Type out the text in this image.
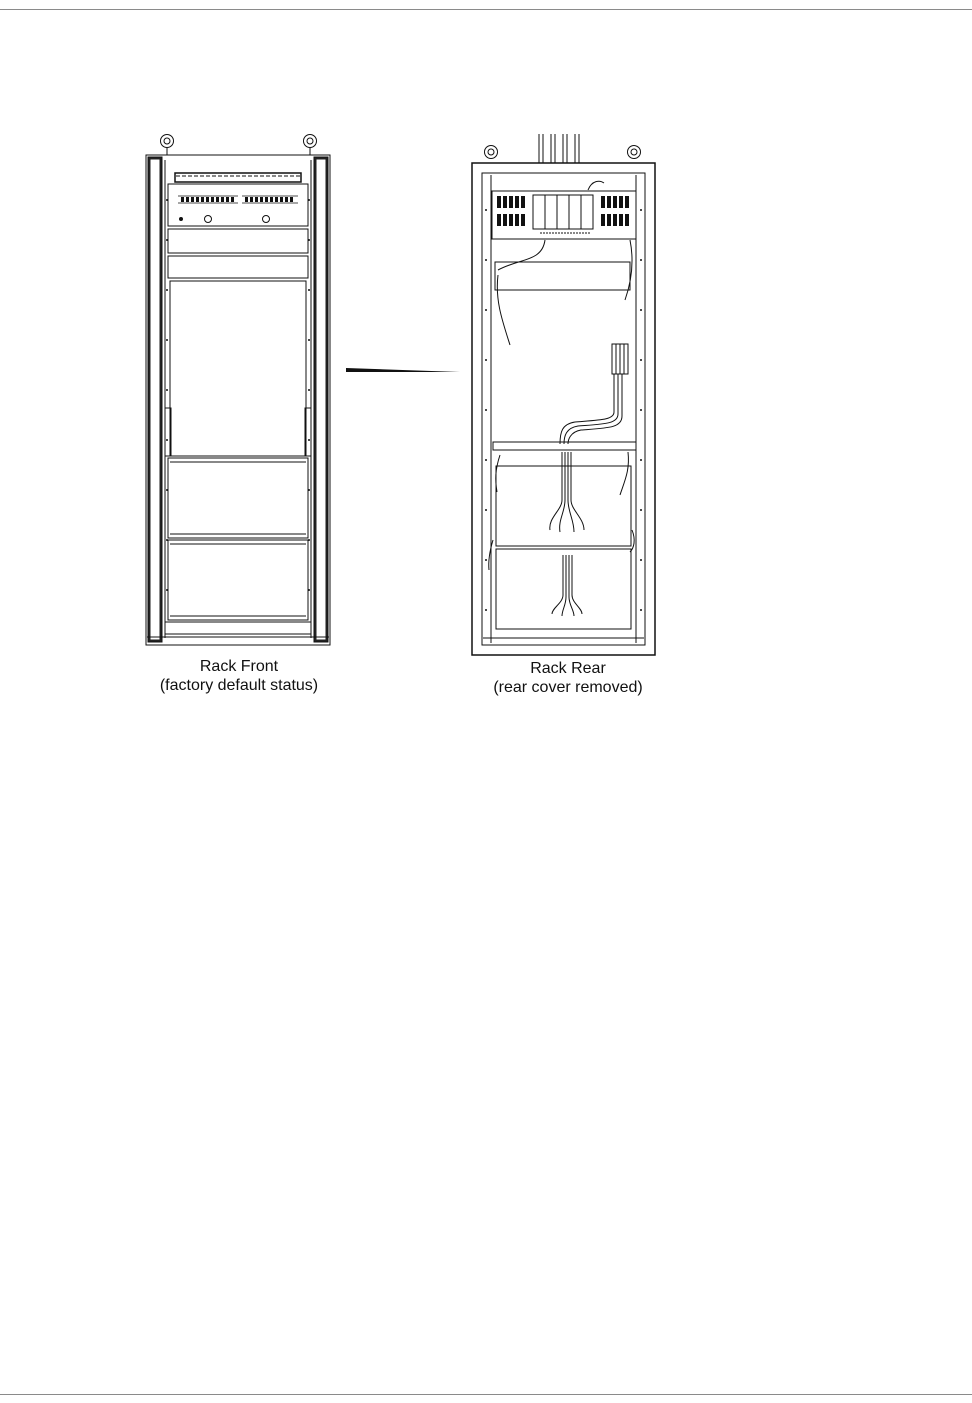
Rack Front
(factory default status)
Rack Rear
(rear cover removed)
